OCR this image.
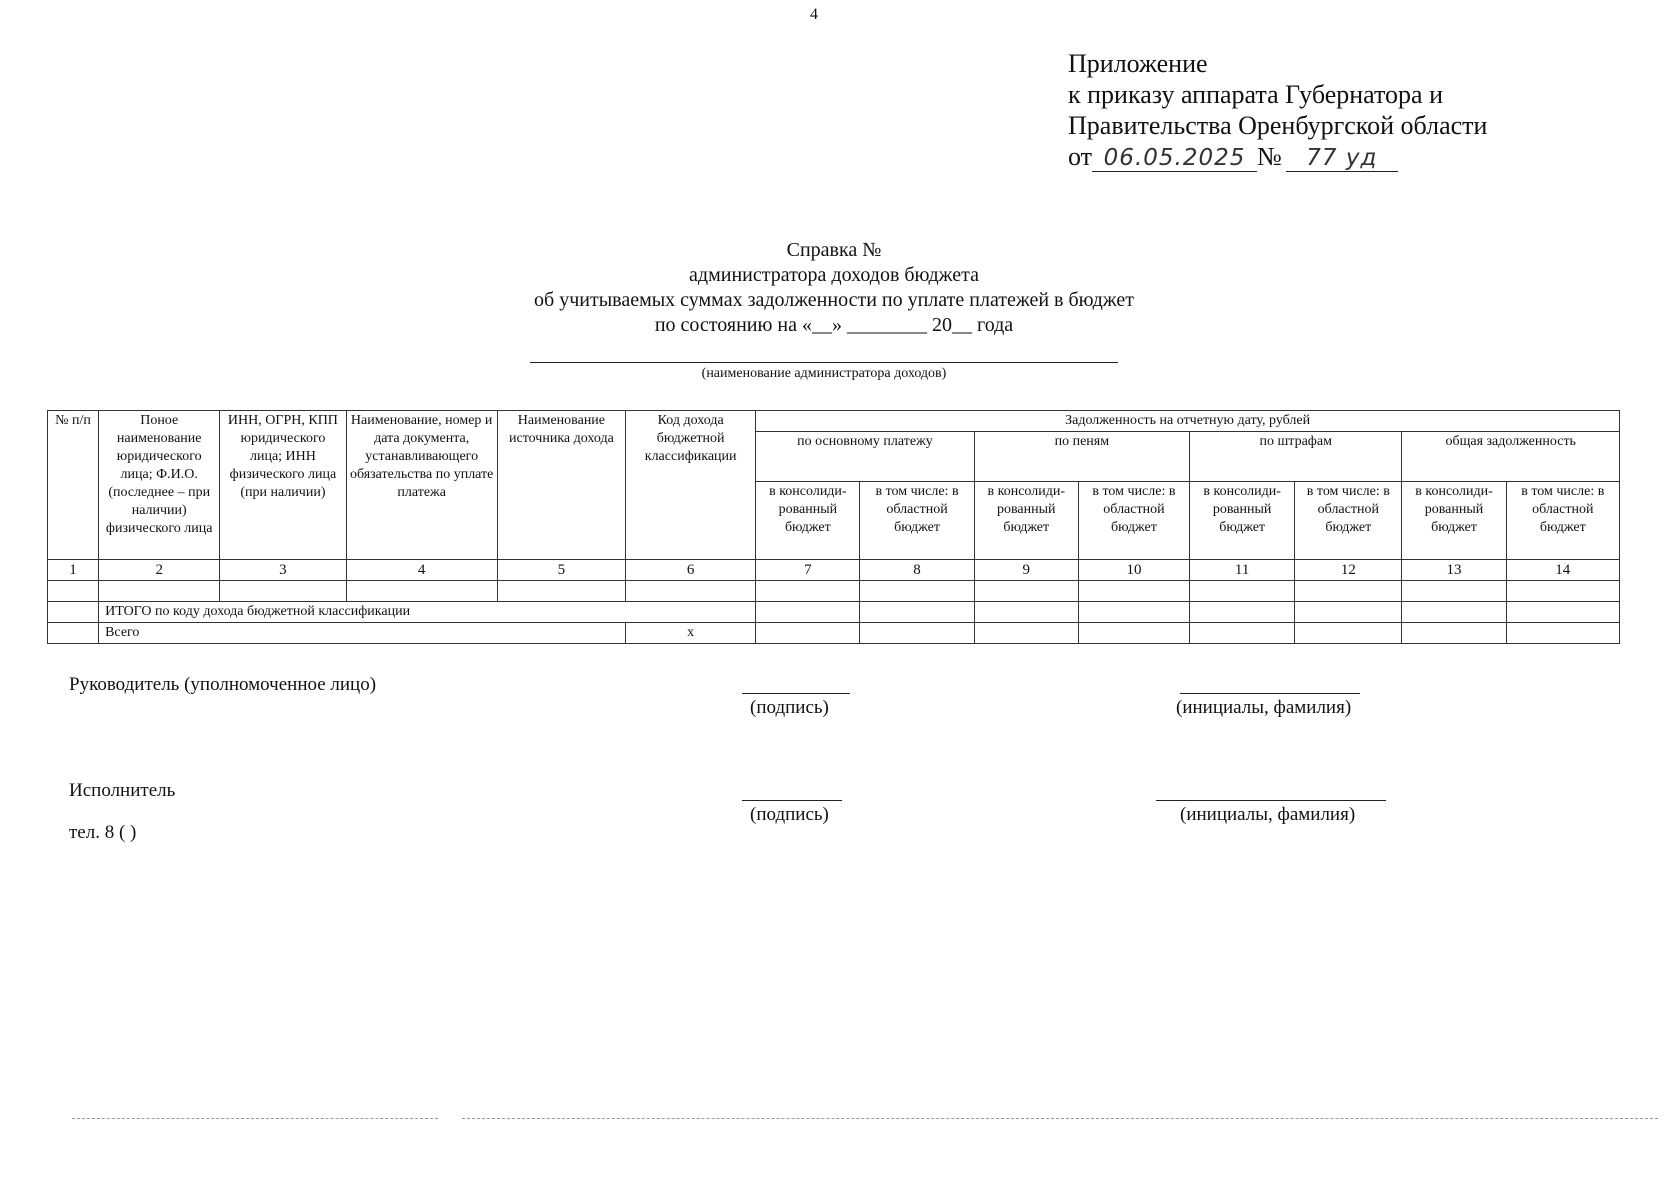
4
Приложение
к приказу аппарата Губернатора и
Правительства Оренбургской области
от 06.05.2025 № 77 уд
Справка №
администратора доходов бюджета
об учитываемых суммах задолженности по уплате платежей в бюджет
по состоянию на «__» ________ 20__ года
(наименование администратора доходов)
№ п/п	Поное наименование юридического лица; Ф.И.О. (последнее – при наличии) физического лица	ИНН, ОГРН, КПП юридического лица; ИНН физического лица (при наличии)	Наименование, номер и дата документа, устанавливающего обязательства по уплате платежа	Наименование источника дохода	Код дохода бюджетной классификации	Задолженность на отчетную дату, рублей							
						по основному платежу		по пеням		по штрафам		общая задолженность	
						в консолиди-рованный бюджет	в том числе: в областной бюджет	в консолиди-рованный бюджет	в том числе: в областной бюджет	в консолиди-рованный бюджет	в том числе: в областной бюджет	в консолиди-рованный бюджет	в том числе: в областной бюджет
1	2	3	4	5	6	7	8	9	10	11	12	13	14

	ИТОГО по коду дохода бюджетной классификации												
	Всего				х								
Руководитель (уполномоченное лицо)
(подпись)	(инициалы, фамилия)
Исполнитель
(подпись)	(инициалы, фамилия)
тел. 8 ( )
